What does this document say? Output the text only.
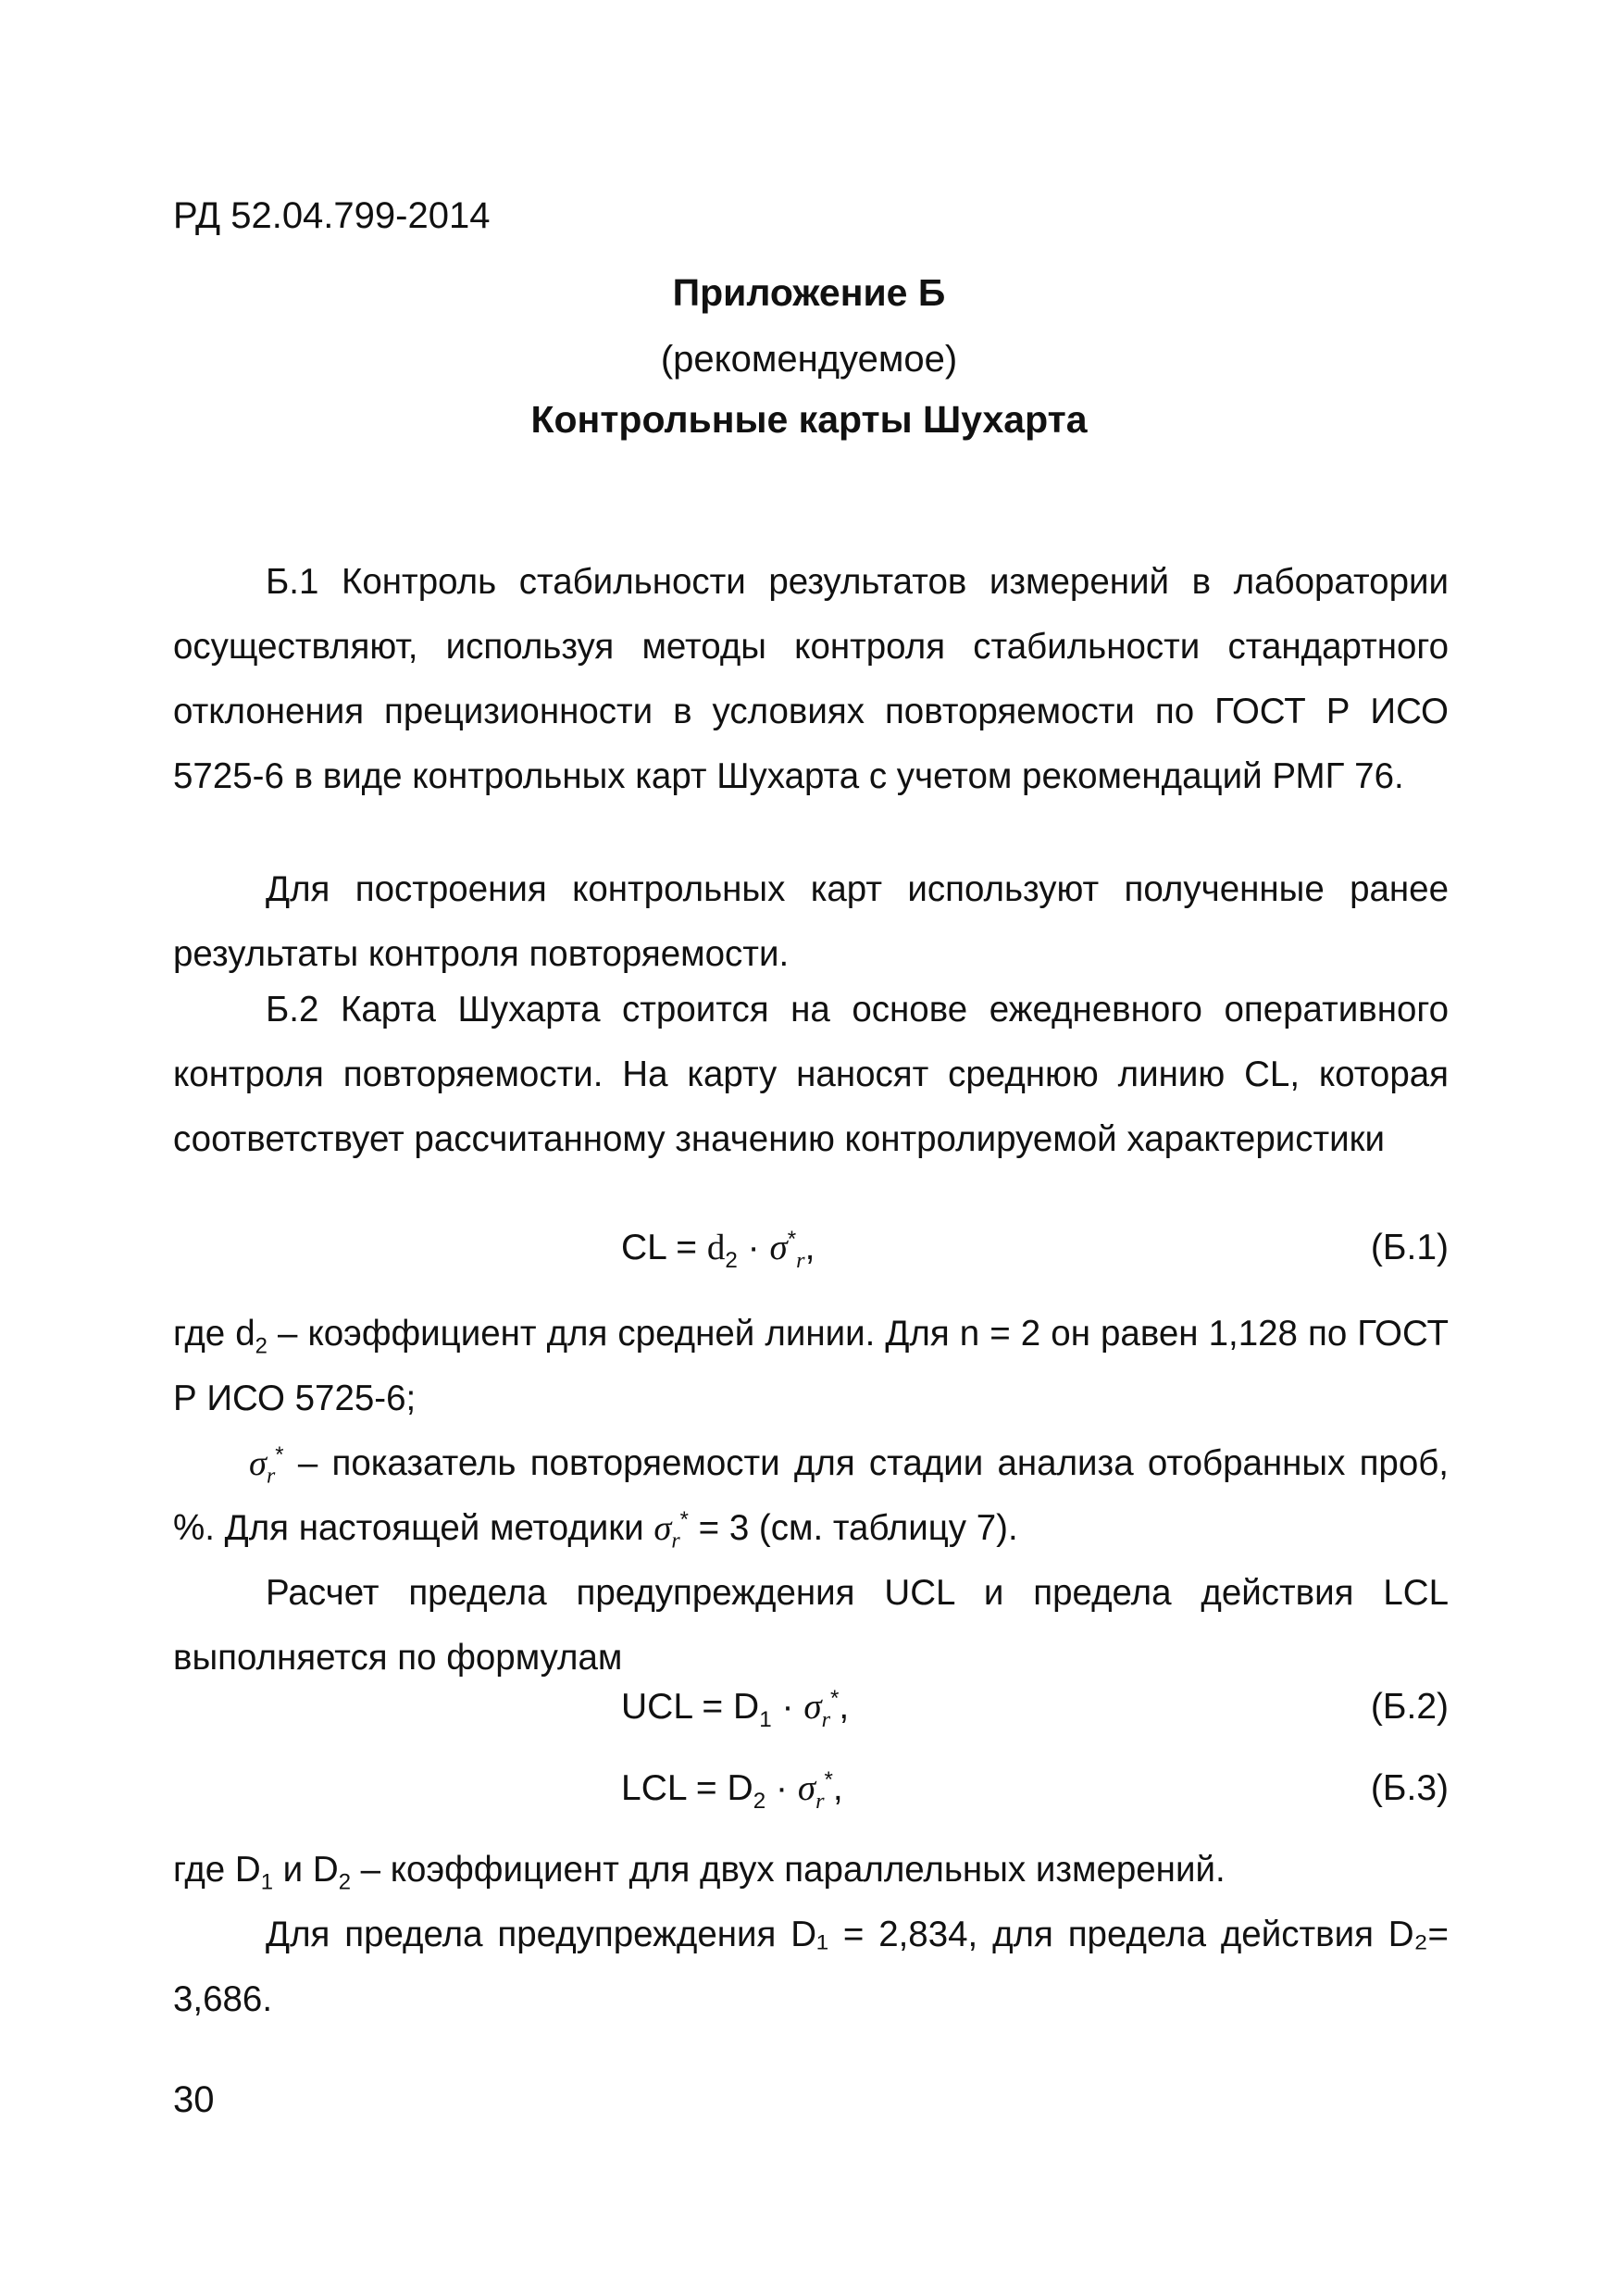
РД 52.04.799-2014
Приложение Б
(рекомендуемое)
Контрольные карты Шухарта

Б.1 Контроль стабильности результатов измерений в лаборатории осуществляют, используя методы контроля стабильности стандартного отклонения прецизионности в условиях повторяемости по ГОСТ Р ИСО 5725-6 в виде контрольных карт Шухарта с учетом рекомендаций РМГ 76.

Для построения контрольных карт используют полученные ранее результаты контроля повторяемости.

Б.2 Карта Шухарта строится на основе ежедневного оперативного контроля повторяемости. На карту наносят среднюю линию CL, которая соответствует рассчитанному значению контролируемой характеристики

CL = $d_2 \cdot \sigma^*_r$,	(Б.1)

где $d_2$ – коэффициент для средней линии. Для n = 2 он равен 1,128 по ГОСТ Р ИСО 5725-6;

$\sigma_r^*$ – показатель повторяемости для стадии анализа отобранных проб, %. Для настоящей методики $\sigma_r^* = 3$ (см. таблицу 7).

Расчет предела предупреждения UCL и предела действия LCL выполняется по формулам

UCL = $D_1 \cdot \sigma_r^*$,	(Б.2)
LCL = $D_2 \cdot \sigma_r^*$,	(Б.3)

где $D_1$ и $D_2$ – коэффициент для двух параллельных измерений.

Для предела предупреждения D₁ = 2,834, для предела действия D₂= 3,686.

30
